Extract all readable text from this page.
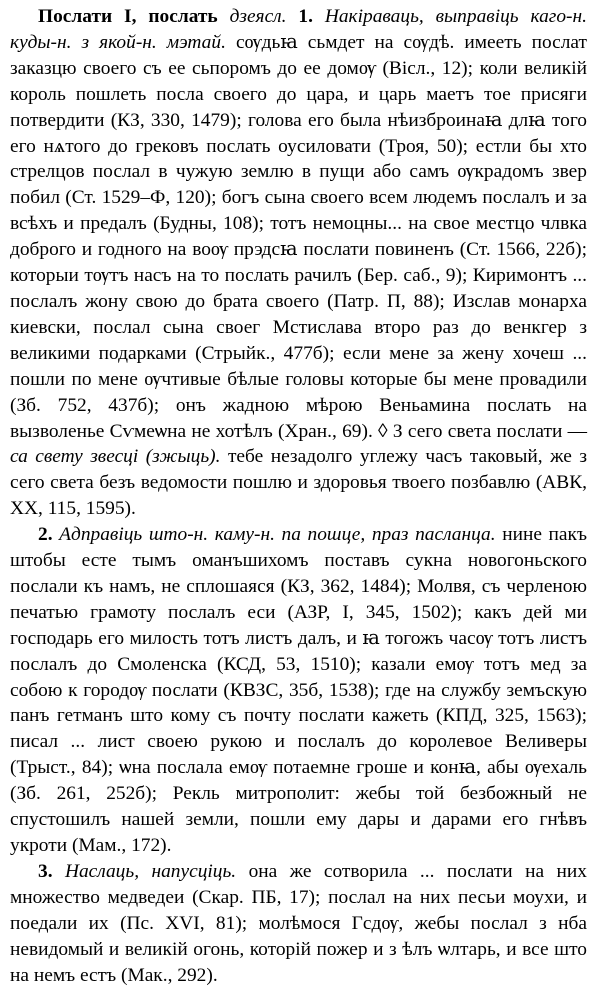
Послати I, послать дзеясл. 1. Накіраваць, выправіць каго-н. куды-н. з якой-н. мэтай. сѹдьꙗ сьмдет на сѹдѣ. имееть послат заказцю своего съ ее сьпоромъ до ее домѹ (Вісл., 12); коли великій король пошлеть посла своего до цара, и царь маетъ тое присяги потвердити (КЗ, 330, 1479); голова его была нѣизброинаꙗ длꙗ того его нѧтого до грековъ послать оусиловати (Троя, 50); естли бы хто стрелцов послал в чужую землю в пущи або самъ ѹкрадомъ звер побил (Ст. 1529–Ф, 120); богъ сына своего всем людемъ послалъ и за всѣхъ и предалъ (Будны, 108); тотъ немоцны... на свое местцо члвка доброго и годного на воѹ прэдсꙗ послати повиненъ (Ст. 1566, 22б); которыи тѹтъ насъ на то послать рачилъ (Бер. саб., 9); Киримонтъ ... послалъ жону свою до брата своего (Патр. П, 88); Изслав монарха киевски, послал сына своег Мстислава второ раз до венкгер з великими подарками (Стрыйк., 477б); если мене за жену хочеш ... пошли по мене ѹчтивые бѣлые головы которые бы мене провадили (Зб. 752, 437б); онъ жадною мѣрою Веньамина послать на вызволенье Сѵмеѡна не хотѣлъ (Хран., 69). ◊ З сего света послати — са свету звесці (зжыць). тебе незадолго углежу часъ таковый, же з сего света безъ ведомости пошлю и здоровья твоего позбавлю (АВК, XX, 115, 1595).

2. Адправіць што-н. каму-н. па пошце, праз пасланца. нине пакъ штобы есте тымъ оманъшихомъ поставъ сукна новогоньского послали къ намъ, не сплошаяся (КЗ, 362, 1484); Молвя, съ черленою печатью грамоту послалъ еси (АЗР, I, 345, 1502); какъ дей ми господарь его милость тотъ листъ далъ, и ꙗ тогожъ часѹ тотъ листъ послалъ до Смоленска (КСД, 53, 1510); казали емѹ тотъ мед за собою к городѹ послати (КВЗС, 35б, 1538); где на службу земъскую панъ гетманъ што кому съ почту послати кажеть (КПД, 325, 1563); писал ... лист своею рукою и послалъ до королевое Веливеры (Трыст., 84); ѡна послала емѹ потаемне гроше и конꙗ, абы ѹехаль (Зб. 261, 252б); Рекль митрополит: жебы той безбожный не спустошилъ нашей земли, пошли ему дары и дарами его гнѣвъ укроти (Мам., 172).

3. Наслаць, напусціць. она же сотворила ... послати на них множество медведеи (Скар. ПБ, 17); послал на них песьи моухи, и поедали их (Пс. XVI, 81); молѣмося Гсдѹ, жебы послал з нба невидомый и великій огонь, которій пожер и з ѣлъ ѡлтарь, и все што на немъ естъ (Мак., 292).
